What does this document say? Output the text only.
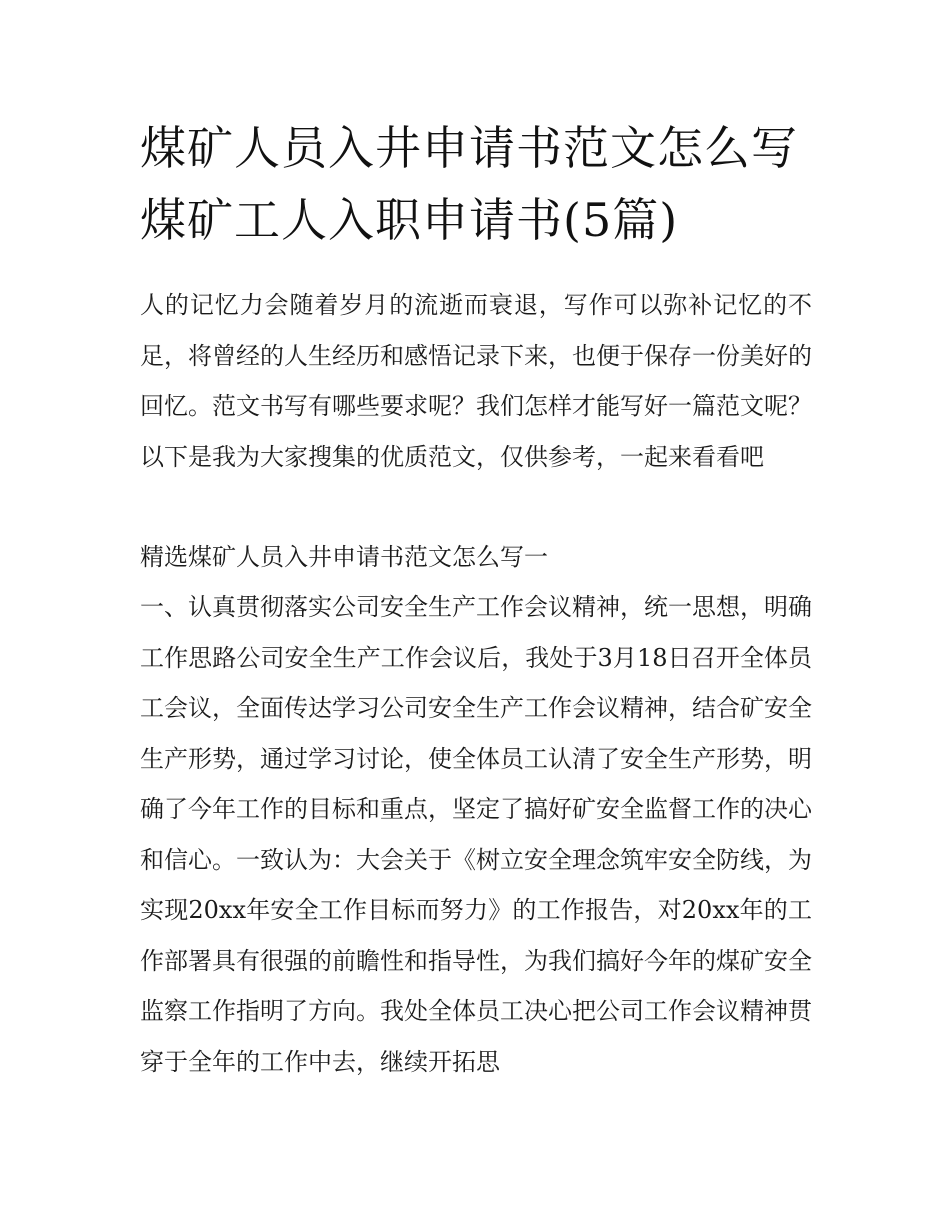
煤矿人员入井申请书范文怎么写 煤矿工人入职申请书(5篇)

人的记忆力会随着岁月的流逝而衰退，写作可以弥补记忆的不足，将曾经的人生经历和感悟记录下来，也便于保存一份美好的回忆。范文书写有哪些要求呢？我们怎样才能写好一篇范文呢？以下是我为大家搜集的优质范文，仅供参考，一起来看看吧

精选煤矿人员入井申请书范文怎么写一

一、认真贯彻落实公司安全生产工作会议精神，统一思想，明确工作思路公司安全生产工作会议后，我处于3月18日召开全体员工会议，全面传达学习公司安全生产工作会议精神，结合矿安全生产形势，通过学习讨论，使全体员工认清了安全生产形势，明确了今年工作的目标和重点，坚定了搞好矿安全监督工作的决心和信心。一致认为：大会关于《树立安全理念筑牢安全防线，为实现20xx年安全工作目标而努力》的工作报告，对20xx年的工作部署具有很强的前瞻性和指导性，为我们搞好今年的煤矿安全监察工作指明了方向。我处全体员工决心把公司工作会议精神贯穿于全年的工作中去，继续开拓思
